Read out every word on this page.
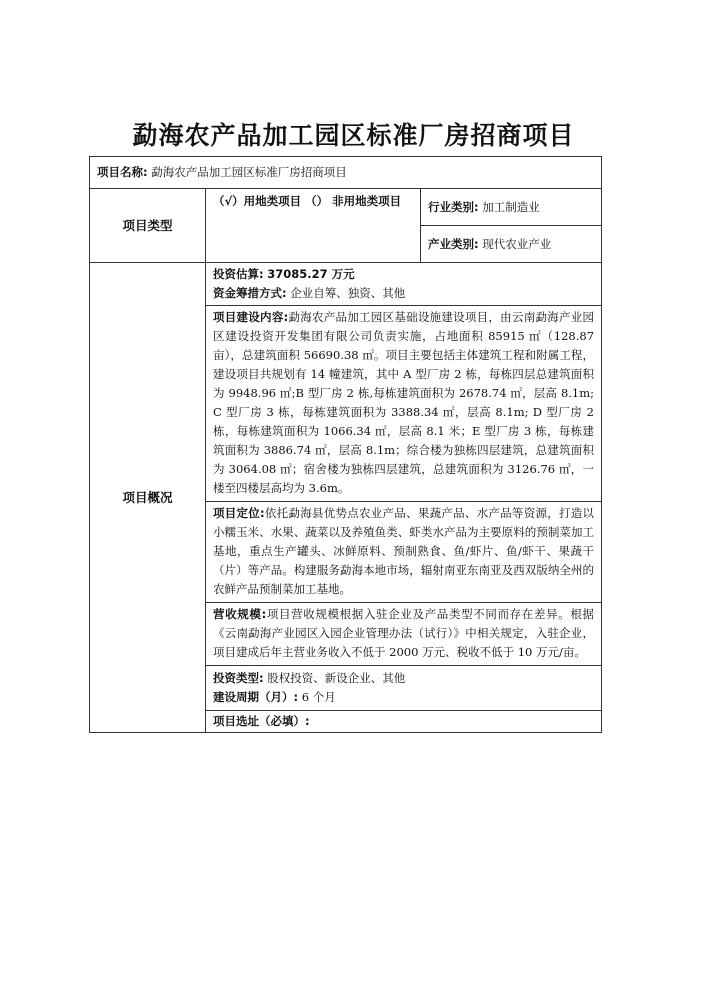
勐海农产品加工园区标准厂房招商项目
项目名称: 勐海农产品加工园区标准厂房招商项目		
项目类型	（√）用地类项目 （） 非用地类项目	行业类别: 加工制造业
		产业类别: 现代农业产业
项目概况	投资估算: 37085.27 万元
资金筹措方式: 企业自筹、独资、其他	

	项目建设内容:勐海农产品加工园区基础设施建设项目，由云南勐海产业园区建设投资开发集团有限公司负责实施，占地面积 85915 ㎡（128.87 亩），总建筑面积 56690.38 ㎡。项目主要包括主体建筑工程和附属工程，建设项目共规划有 14 幢建筑，其中 A 型厂房 2 栋，每栋四层总建筑面积为 9948.96 ㎡;B 型厂房 2 栋,每栋建筑面积为 2678.74 ㎡，层高 8.1m; C 型厂房 3 栋，每栋建筑面积为 3388.34 ㎡，层高 8.1m; D 型厂房 2 栋，每栋建筑面积为 1066.34 ㎡，层高 8.1 米；E 型厂房 3 栋，每栋建筑面积为 3886.74 ㎡，层高 8.1m；综合楼为独栋四层建筑，总建筑面积为 3064.08 ㎡；宿舍楼为独栋四层建筑，总建筑面积为 3126.76 ㎡，一楼至四楼层高均为 3.6m。	
	项目定位:依托勐海县优势点农业产品、果蔬产品、水产品等资源，打造以小糯玉米、水果、蔬菜以及养殖鱼类、虾类水产品为主要原料的预制菜加工基地，重点生产罐头、冰鲜原料、预制熟食、鱼/虾片、鱼/虾干、果蔬干（片）等产品。构建服务勐海本地市场，辐射南亚东南亚及西双版纳全州的农鲜产品预制菜加工基地。	
	营收规模:项目营收规模根据入驻企业及产品类型不同而存在差异。根据《云南勐海产业园区入园企业管理办法（试行）》中相关规定，入驻企业，项目建成后年主营业务收入不低于 2000 万元、税收不低于 10 万元/亩。	

	投资类型: 股权投资、新设企业、其他
建设周期（月）: 6 个月	

	项目选址（必填）:	
